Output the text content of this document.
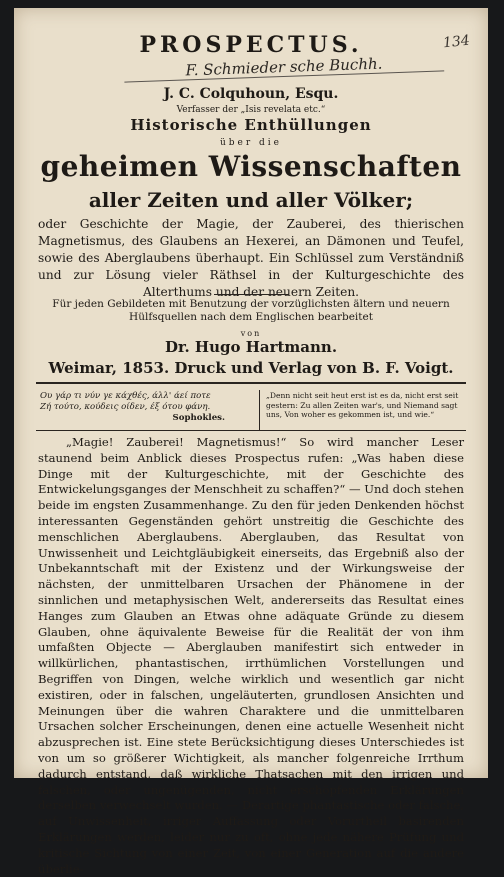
134
PROSPECTUS.
F. Schmieder sche Buchh.
J. C. Colquhoun, Esqu.
Verfasser der „Isis revelata etc.“
Historische Enthüllungen
über die
geheimen Wissenschaften
aller Zeiten und aller Völker;
oder Geschichte der Magie, der Zauberei, des thierischen Magnetismus, des Glaubens an Hexerei, an Dämonen und Teufel, sowie des Aberglaubens überhaupt. Ein Schlüssel zum Verständniß und zur Lösung vieler Räthsel in der Kulturgeschichte des Alterthums und der neuern Zeiten.
Für jeden Gebildeten mit Benutzung der vorzüglichsten ältern und neuern Hülfsquellen nach dem Englischen bearbeitet
von
Dr. Hugo Hartmann.
Weimar, 1853. Druck und Verlag von B. F. Voigt.
Ου γάρ τι νύν γε κάχθές, άλλ' άεί ποτε
Ζή τούτο, κούδεις οίδεν, έξ ότου φάνη.
Sophokles.
„Denn nicht seit heut erst ist es da, nicht erst seit gestern: Zu allen Zeiten war's, und Niemand sagt uns, Von woher es gekommen ist, und wie.“

„Magie! Zauberei! Magnetismus!“ So wird mancher Leser staunend beim Anblick dieses Prospectus rufen: „Was haben diese Dinge mit der Kulturgeschichte, mit der Geschichte des Entwickelungsganges der Menschheit zu schaffen?“ — Und doch stehen beide im engsten Zusammenhange. Zu den für jeden Denkenden höchst interessanten Gegenständen gehört unstreitig die Geschichte des menschlichen Aberglaubens. Aberglauben, das Resultat von Unwissenheit und Leichtgläubigkeit einerseits, das Ergebniß also der Unbekanntschaft mit der Existenz und der Wirkungsweise der nächsten, der unmittelbaren Ursachen der Phänomene in der sinnlichen und metaphysischen Welt, andererseits das Resultat eines Hanges zum Glauben an Etwas ohne adäquate Gründe zu diesem Glauben, ohne äquivalente Beweise für die Realität der von ihm umfaßten Objecte — Aberglauben manifestirt sich entweder in willkürlichen, phantastischen, irrthümlichen Vorstellungen und Begriffen von Dingen, welche wirklich und wesentlich gar nicht existiren, oder in falschen, ungeläuterten, grundlosen Ansichten und Meinungen über die wahren Charaktere und die unmittelbaren Ursachen solcher Erscheinungen, denen eine actuelle Wesenheit nicht abzusprechen ist. Eine stete Berücksichtigung dieses Unterschiedes ist von um so größerer Wichtigkeit, als mancher folgenreiche Irrthum dadurch entstand, daß wirkliche Thatsachen mit den irrigen und falschen, oder ungenügenden, nicht erschöpfenden Erklärungen derselben verwechselt wurden. — Derartige phantastische oder falsche, auf Unwissenheit, irriger Auffassung oder Vorurtheil basirenden Erklärungen werden, leider nur zu oft, ohne jede nähere Prüfung und kritische Sichtung von einer Zeit, von einer Generation auf die andere überlie-
